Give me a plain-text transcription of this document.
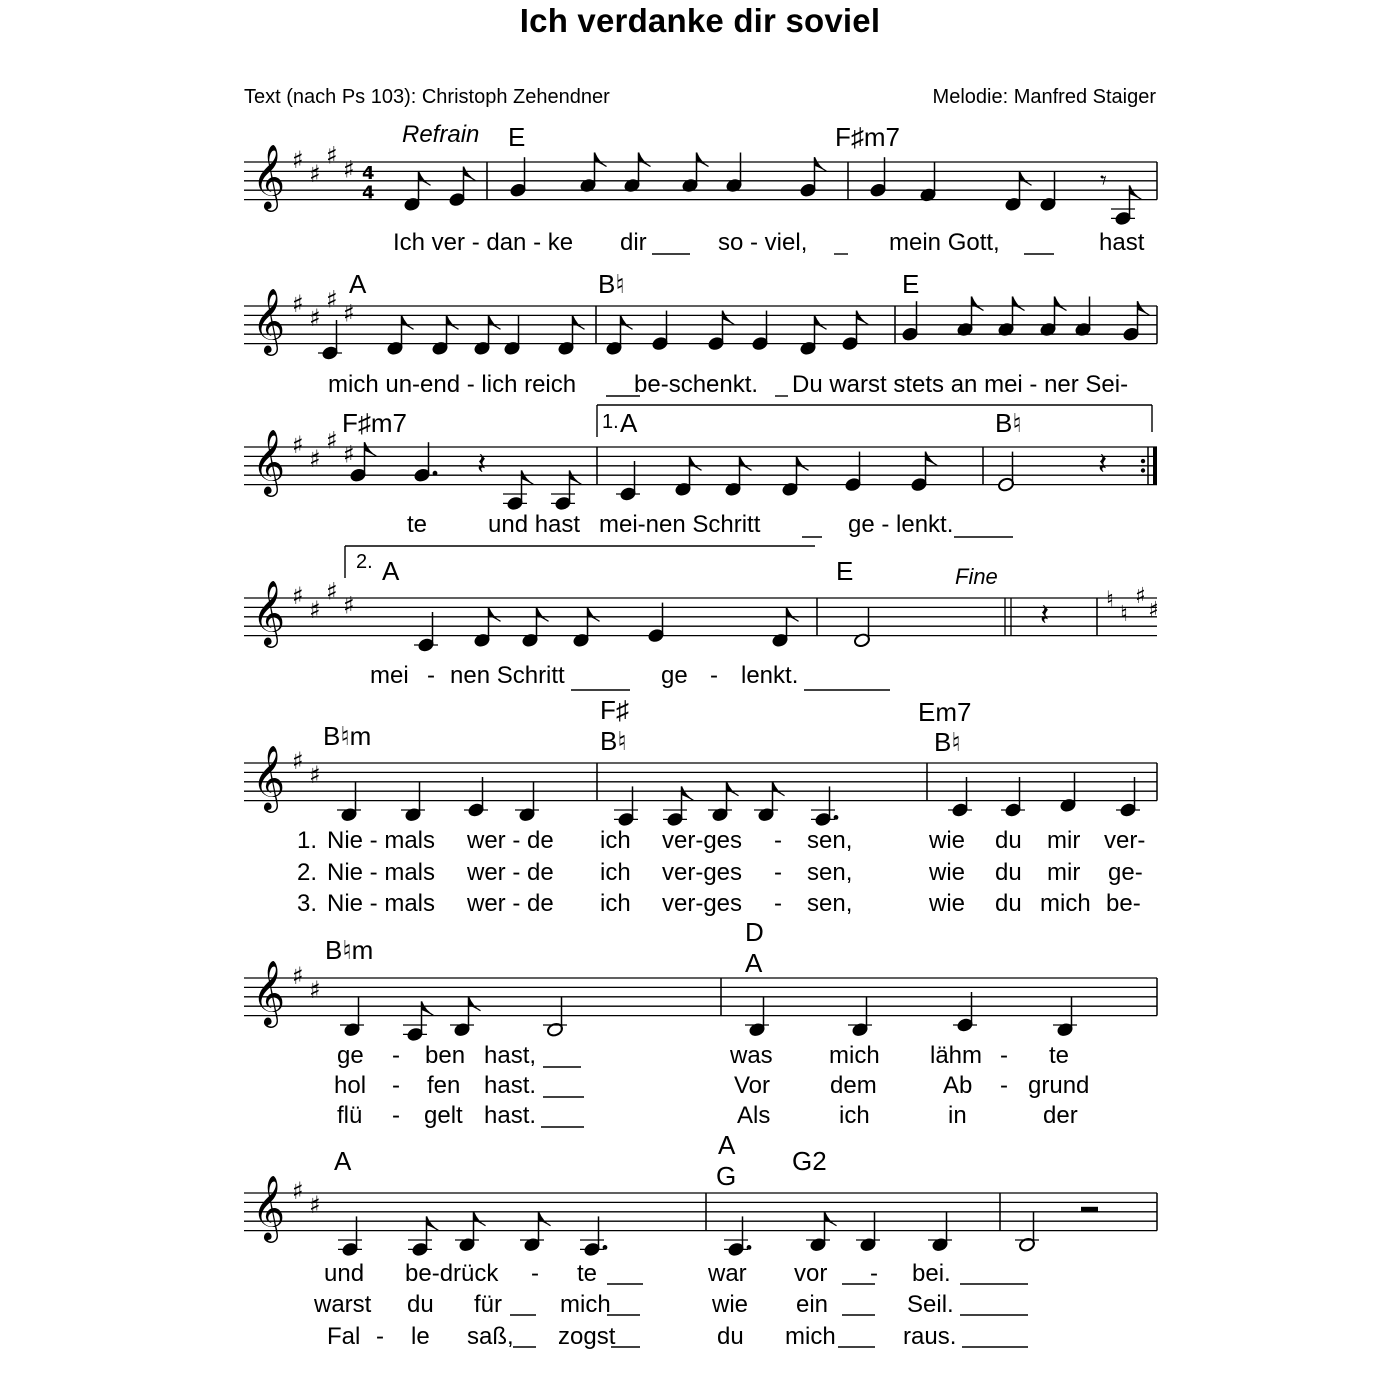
𝄞 ♯
♯
♯
♯ 4
4
𝄞 ♯
♯
♯
♯
𝄞 ♯
♯
♯
♯
𝄞 ♯
♯
♯
♯	♮
♮
♯
♯
𝄞 ♯
♯
𝄞 ♯
♯
𝄞 ♯
♯
𝄾
𝄽
𝄽
𝄽
Ich verdanke dir soviel
Text (nach Ps 103): Christoph Zehendner	Melodie: Manfred Staiger
Refrain
Fine
1.
2.
E	F♯m7
Ich ver - dan - ke dir	so - viel,	mein Gott,	hast
A	B♮	E
mich un-end - lich reich be-schenkt. Du warst stets an mei - ner Sei-
F♯m7	A	B♮
te	und hast mei-nen Schritt	ge - lenkt.
A	E
mei - nen Schritt	ge - lenkt.
B♮m
F♯
B♮
Em7
B♮
1. Nie - mals wer - de ich ver-ges - sen,	wie du mir ver-
2. Nie - mals wer - de ich ver-ges - sen,	wie du mir ge-
3. Nie - mals wer - de ich ver-ges - sen,	wie du mich be-
B♮m
D
A
ge - ben hast,	was mich lähm - te
hol - fen hast.	Vor dem	Ab - grund
flü - gelt hast.	Als	ich	in	der
A
A
G G2
und be-drück - te	war vor - bei.
warst du für mich	wie ein	Seil.
Fal - le saß, zogst	du mich	raus.
